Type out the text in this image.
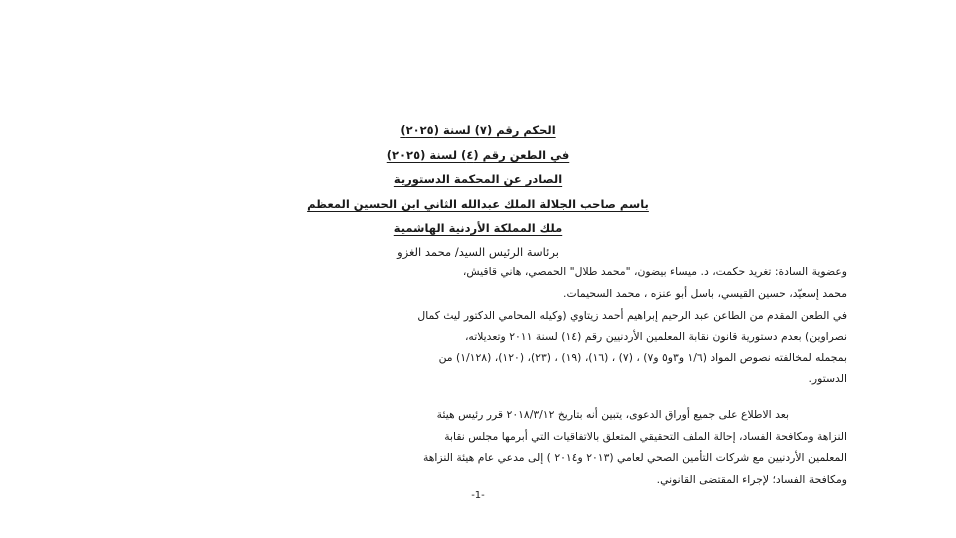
الحكم رقم (٧) لسنة (٢٠٢٥)
في الطعن رقم (٤) لسنة (٢٠٢٥)
الصادر عن المحكمة الدستورية
باسم صاحب الجلالة الملك عبدالله الثاني ابن الحسين المعظم
ملك المملكة الأردنية الهاشمية
برئاسة الرئيس السيد/ محمد الغزو
وعضوية السادة: تغريد حكمت، د. ميساء بيضون، "محمد طلال" الحمصي، هاني قاقيش،
محمد إسعيّد، حسين القيسي، باسل أبو عنزه ، محمد السحيمات.
في الطعن المقدم من الطاعن عبد الرحيم إبراهيم أحمد زيتاوي (وكيله المحامي الدكتور ليث كمال
نصراوين) بعدم دستورية قانون نقابة المعلمين الأردنيين رقم (١٤) لسنة ٢٠١١ وتعديلاته،
بمجمله لمخالفته نصوص المواد (١/٦ و٣و٥ و٧) ، (٧) ، (١٦)، (١٩) ، (٢٣)، (١٢٠)، (١/١٢٨) من
الدستور.
بعد الاطلاع على جميع أوراق الدعوى، يتبين أنه بتاريخ ٢٠١٨/٣/١٢ قرر رئيس هيئة
النزاهة ومكافحة الفساد، إحالة الملف التحقيقي المتعلق بالاتفاقيات التي أبرمها مجلس نقابة
المعلمين الأردنيين مع شركات التأمين الصحي لعامي (٢٠١٣ و٢٠١٤ ) إلى مدعي عام هيئة النزاهة
ومكافحة الفساد؛ لإجراء المقتضى القانوني.
-1-
